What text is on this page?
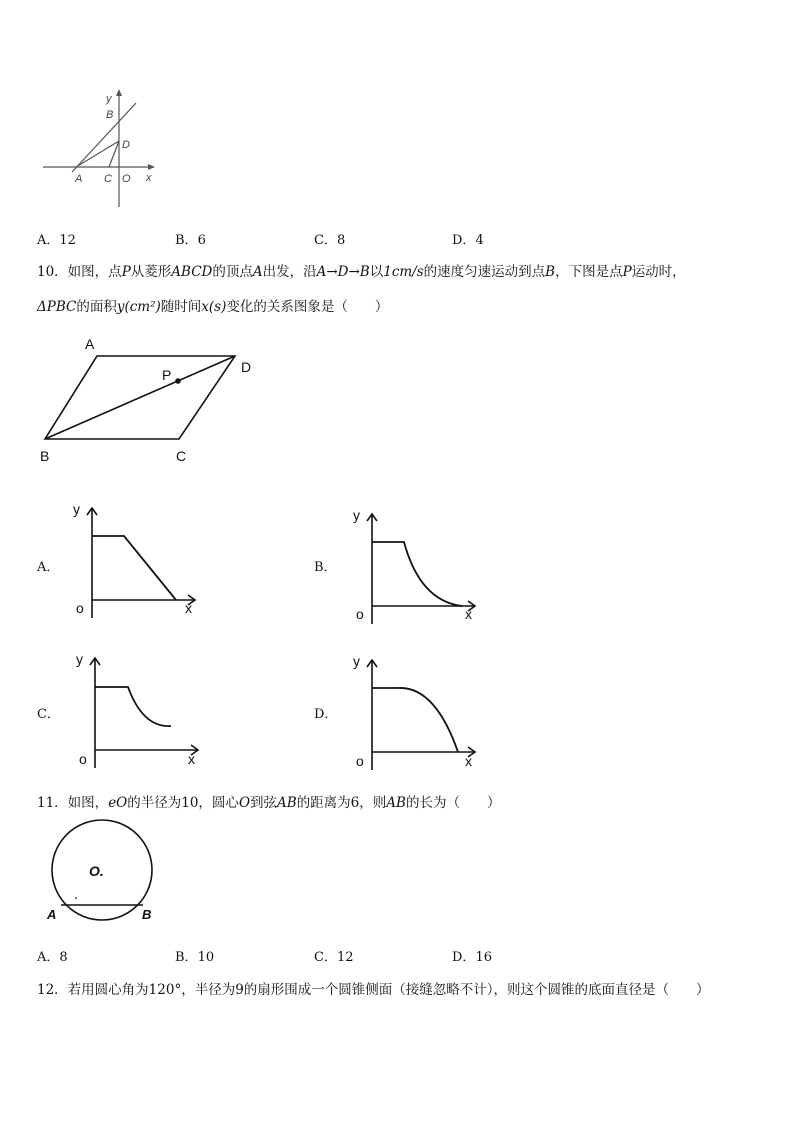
y
B
D
A C O x
A．12	B．6	C．8	D．4
10．如图，点P从菱形ABCD的顶点A出发，沿A→D→B以1cm/s的速度匀速运动到点B，下图是点P运动时，
ΔPBC的面积y(cm²)随时间x(s)变化的关系图象是（　　）
A
D
P
B	C
A．
y
o	x
B．
y
o	x
C．
y
o	x
D．
y
o	x
11．如图，eO的半径为10，圆心O到弦AB的距离为6，则AB的长为（　　）
O.
A	B
A．8	B．10	C．12	D．16
12．若用圆心角为120°，半径为9的扇形围成一个圆锥侧面（接缝忽略不计），则这个圆锥的底面直径是（　　）
